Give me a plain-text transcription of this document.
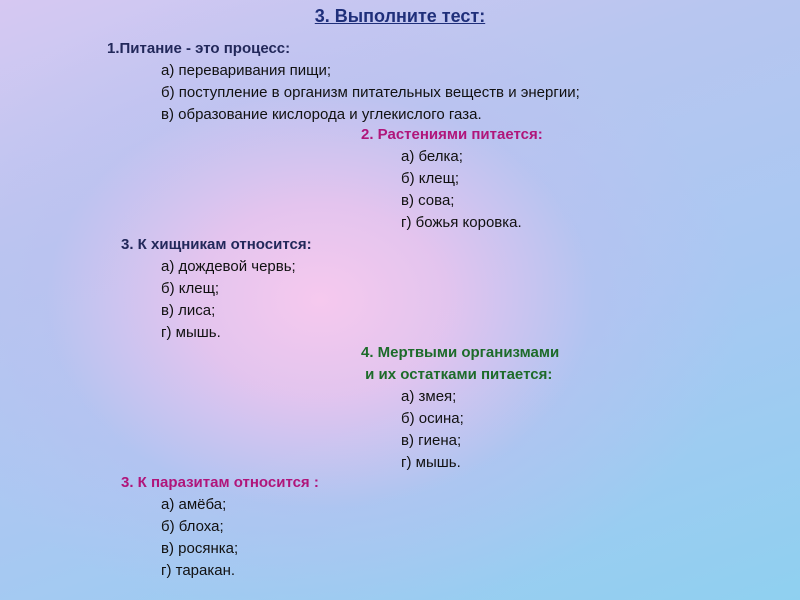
3. Выполните тест:
1.Питание - это процесс:
а) переваривания пищи;
б) поступление в организм питательных веществ и энергии;
в) образование кислорода и углекислого газа.
2. Растениями питается:
а) белка;
б) клещ;
в) сова;
г) божья коровка.
3. К хищникам относится:
а) дождевой червь;
б) клещ;
в) лиса;
г) мышь.
4. Мертвыми организмами
и их остатками питается:
а) змея;
б) осина;
в) гиена;
г) мышь.
3. К паразитам относится :
а) амёба;
б) блоха;
в) росянка;
г) таракан.
